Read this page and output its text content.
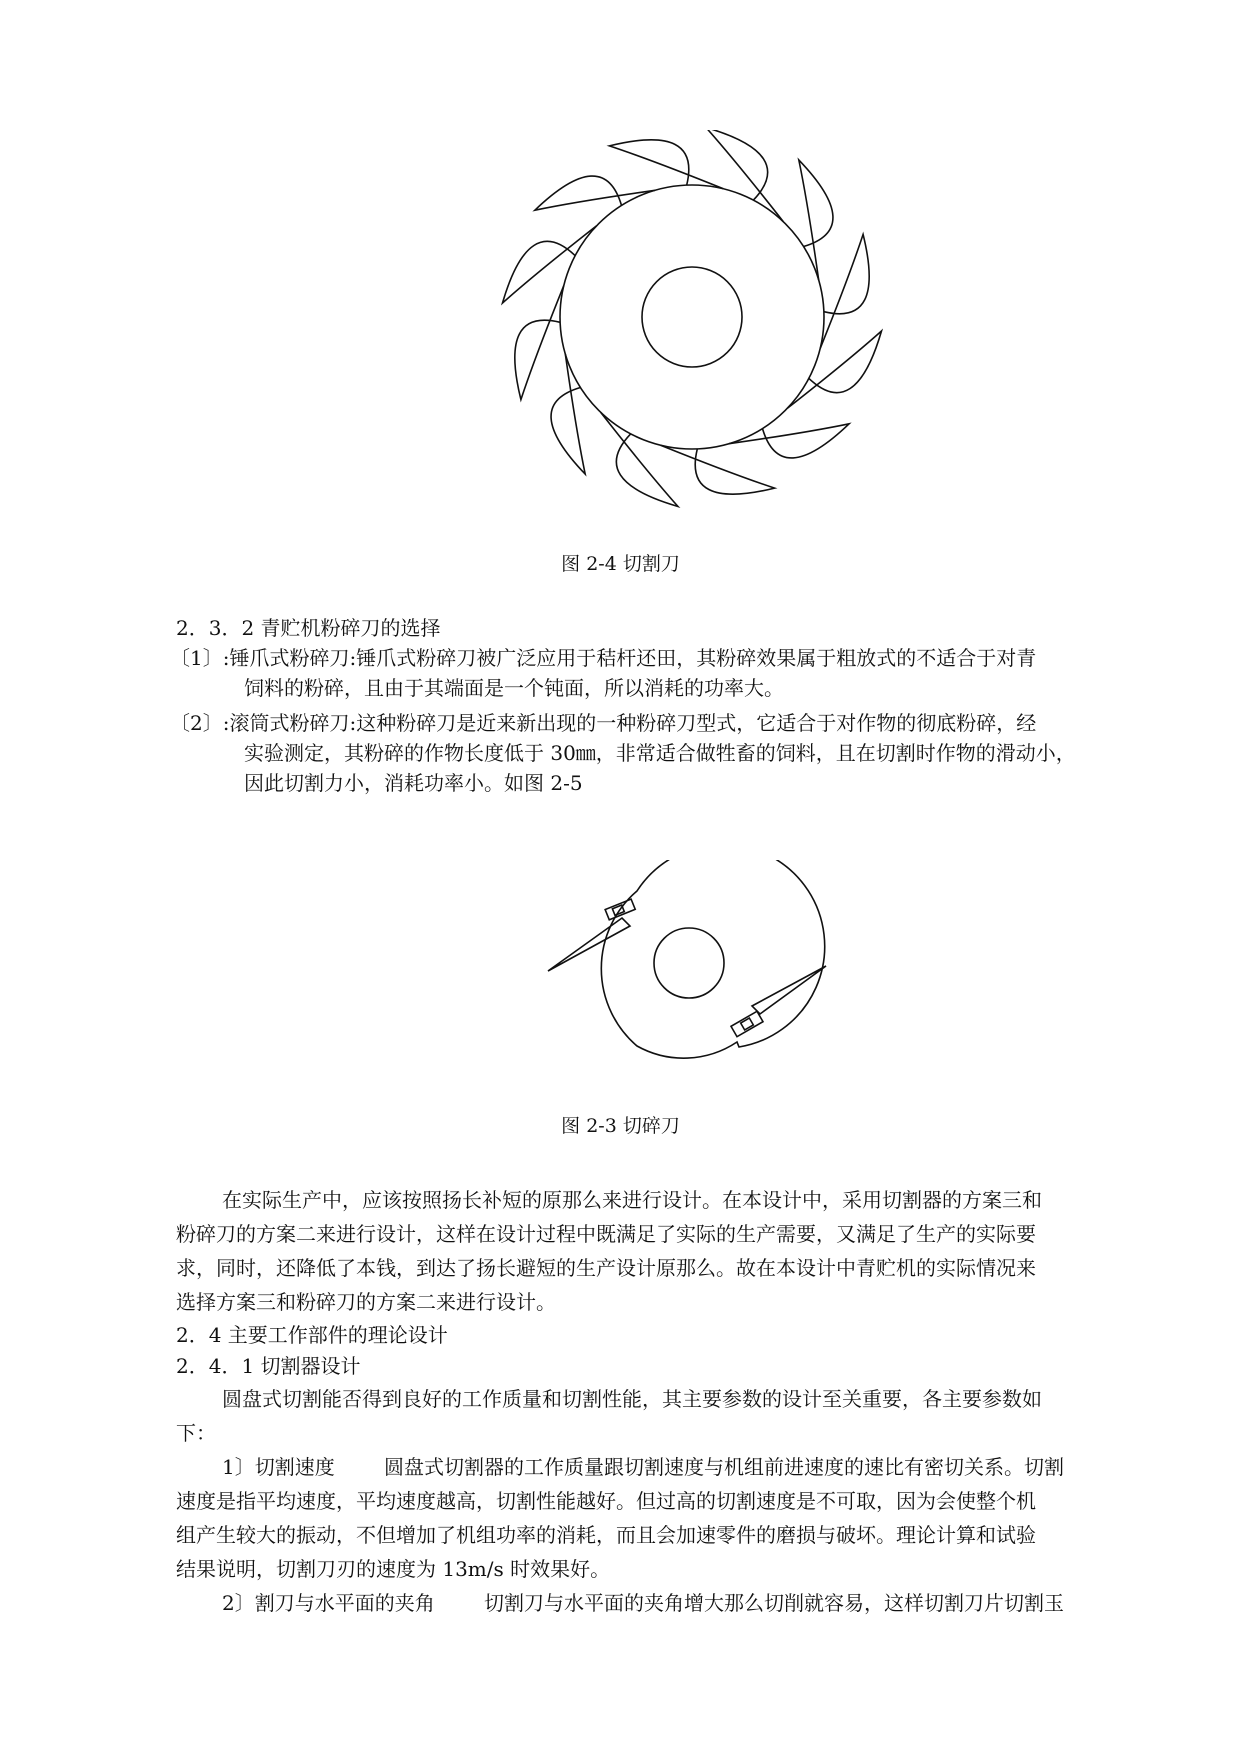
图 2-4 切割刀
2．3．2 青贮机粉碎刀的选择
〔1〕:锤爪式粉碎刀:锤爪式粉碎刀被广泛应用于秸杆还田，其粉碎效果属于粗放式的不适合于对青
饲料的粉碎，且由于其端面是一个钝面，所以消耗的功率大。
〔2〕:滚筒式粉碎刀:这种粉碎刀是近来新出现的一种粉碎刀型式，它适合于对作物的彻底粉碎，经
实验测定，其粉碎的作物长度低于 30㎜，非常适合做牲畜的饲料，且在切割时作物的滑动小，
因此切割力小，消耗功率小。如图 2-5
图 2-3 切碎刀
在实际生产中，应该按照扬长补短的原那么来进行设计。在本设计中，采用切割器的方案三和
粉碎刀的方案二来进行设计，这样在设计过程中既满足了实际的生产需要，又满足了生产的实际要
求，同时，还降低了本钱，到达了扬长避短的生产设计原那么。故在本设计中青贮机的实际情况来
选择方案三和粉碎刀的方案二来进行设计。
2．4 主要工作部件的理论设计
2．4．1 切割器设计
圆盘式切割能否得到良好的工作质量和切割性能，其主要参数的设计至关重要，各主要参数如
下：
1〕切割速度 圆盘式切割器的工作质量跟切割速度与机组前进速度的速比有密切关系。切割
速度是指平均速度，平均速度越高，切割性能越好。但过高的切割速度是不可取，因为会使整个机
组产生较大的振动，不但增加了机组功率的消耗，而且会加速零件的磨损与破坏。理论计算和试验
结果说明，切割刀刃的速度为 13m/s 时效果好。
2〕割刀与水平面的夹角 切割刀与水平面的夹角增大那么切削就容易，这样切割刀片切割玉
